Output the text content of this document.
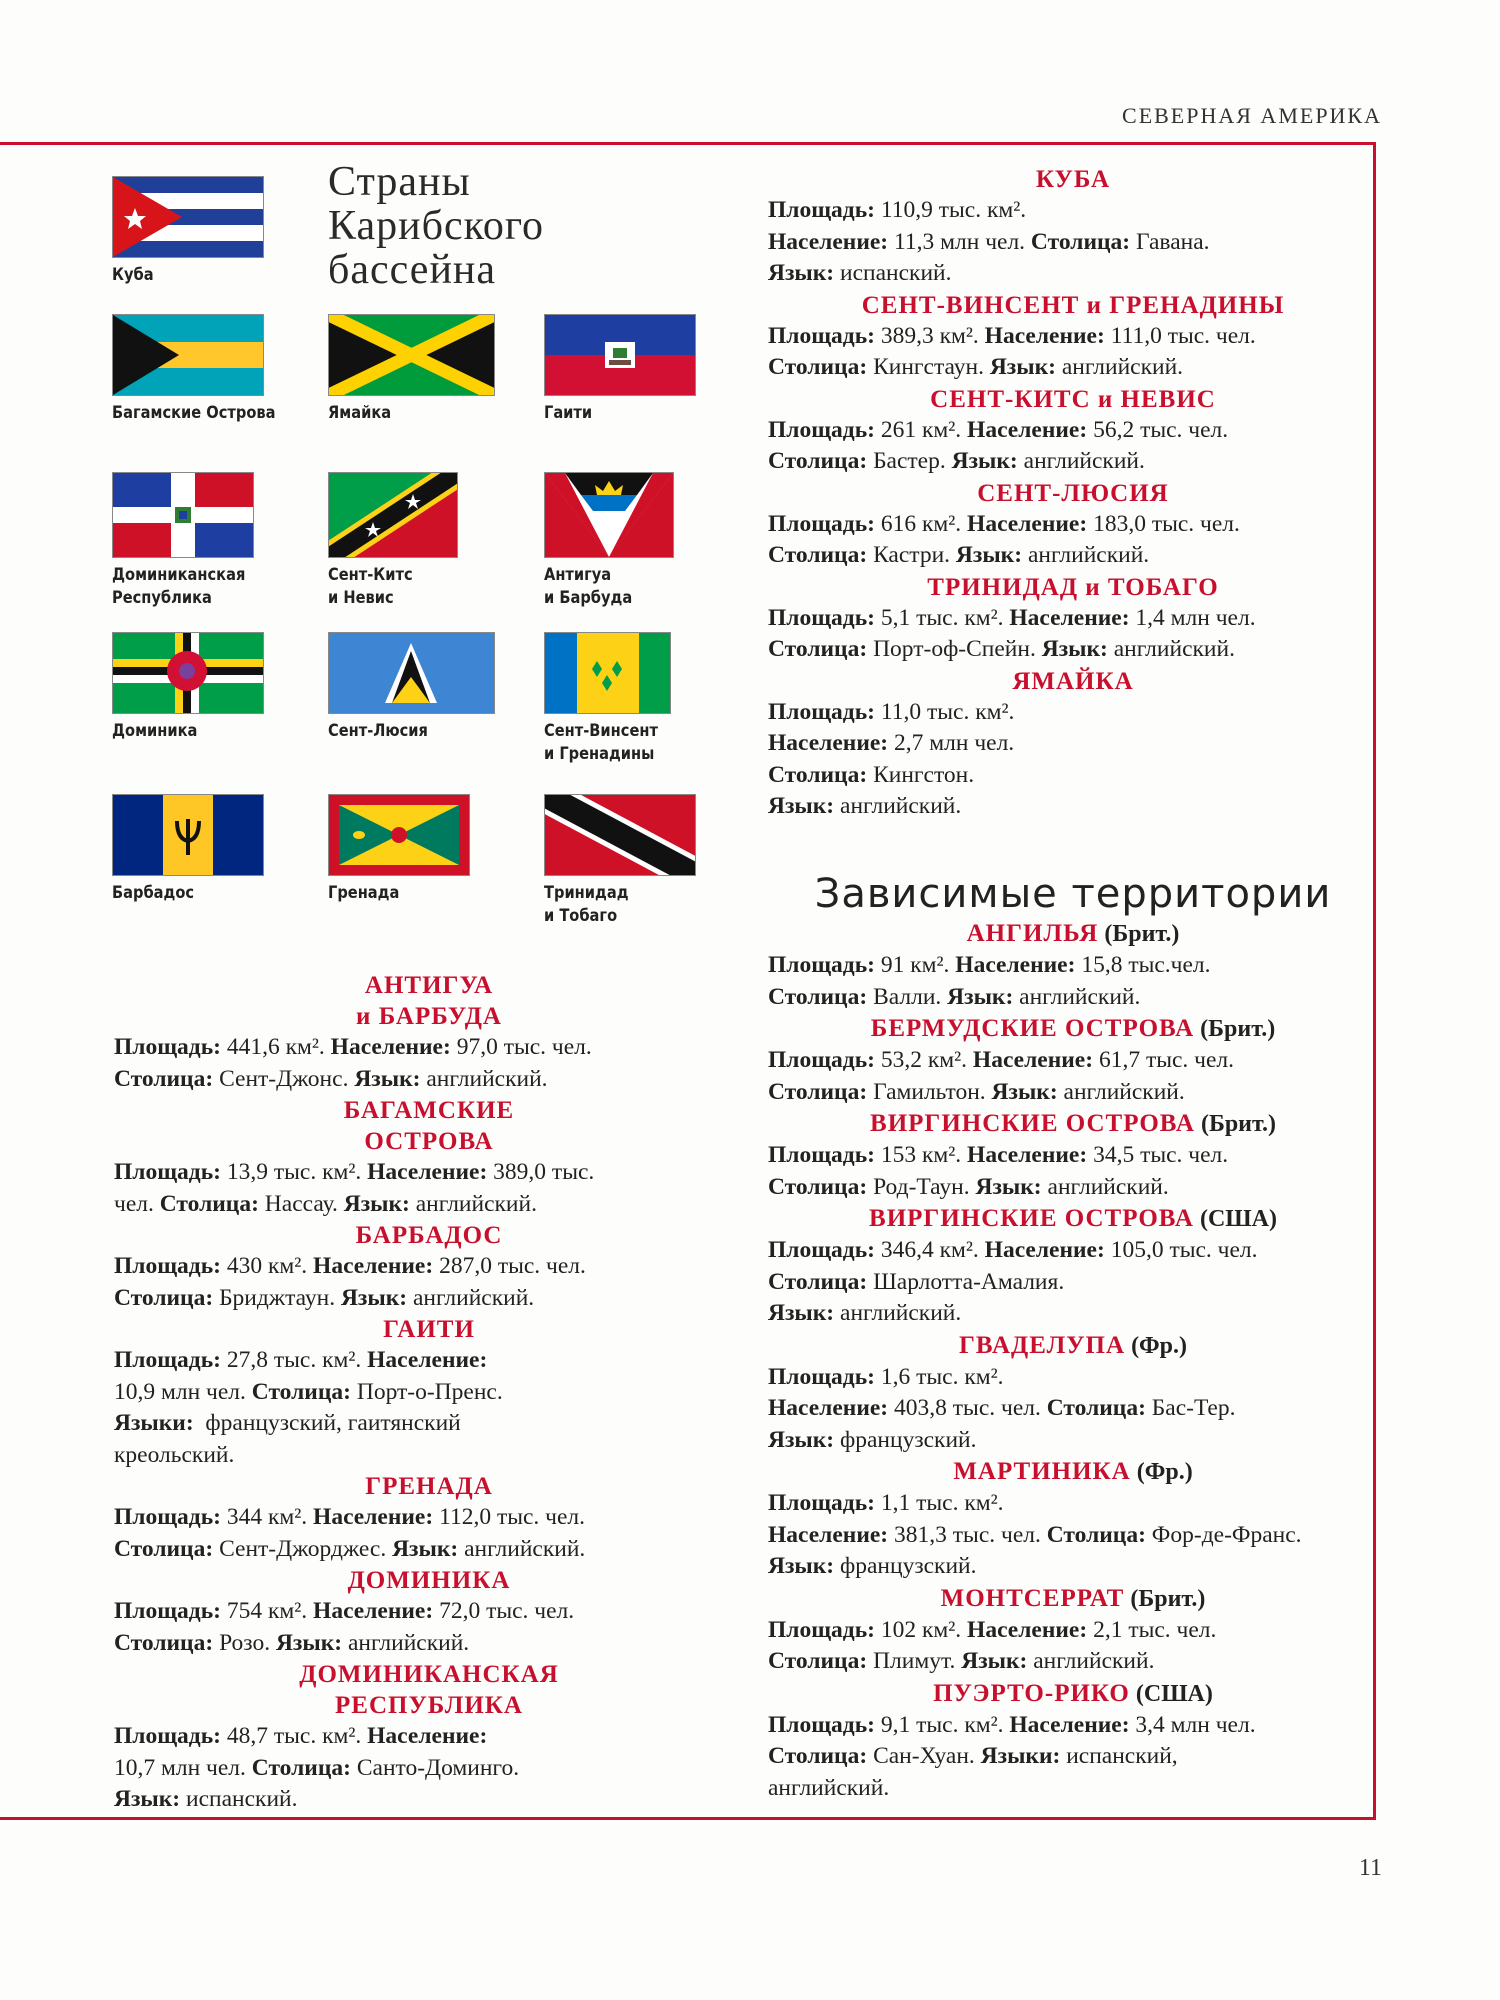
СЕВЕРНАЯ АМЕРИКА
Страны
Карибского
бассейна
Куба
Багамские Острова	Ямайка	Гаити
Доминиканская
Республика
Сент-Китс
и Невис
Антигуа
и Барбуда
Доминика	Сент-Люсия	Сент-Винсент
и Гренадины
Барбадос	Гренада	Тринидад
и Тобаго
АНТИГУА
и БАРБУДА
Площадь: 441,6 км². Население: 97,0 тыс. чел.
Столица: Сент-Джонс. Язык: английский.
БАГАМСКИЕ
ОСТРОВА
Площадь: 13,9 тыс. км². Население: 389,0 тыс.
чел. Столица: Нассау. Язык: английский.
БАРБАДОС
Площадь: 430 км². Население: 287,0 тыс. чел.
Столица: Бриджтаун. Язык: английский.
ГАИТИ
Площадь: 27,8 тыс. км². Население:
10,9 млн чел. Столица: Порт-о-Пренс.
Языки:  французский, гаитянский
креольский.
ГРЕНАДА
Площадь: 344 км². Население: 112,0 тыс. чел.
Столица: Сент-Джорджес. Язык: английский.
ДОМИНИКА
Площадь: 754 км². Население: 72,0 тыс. чел.
Столица: Розо. Язык: английский.
ДОМИНИКАНСКАЯ
РЕСПУБЛИКА
Площадь: 48,7 тыс. км². Население:
10,7 млн чел. Столица: Санто-Доминго.
Язык: испанский.
КУБА
Площадь: 110,9 тыс. км².
Население: 11,3 млн чел. Столица: Гавана.
Язык: испанский.
СЕНТ-ВИНСЕНТ и ГРЕНАДИНЫ
Площадь: 389,3 км². Население: 111,0 тыс. чел.
Столица: Кингстаун. Язык: английский.
СЕНТ-КИТС и НЕВИС
Площадь: 261 км². Население: 56,2 тыс. чел.
Столица: Бастер. Язык: английский.
СЕНТ-ЛЮСИЯ
Площадь: 616 км². Население: 183,0 тыс. чел.
Столица: Кастри. Язык: английский.
ТРИНИДАД и ТОБАГО
Площадь: 5,1 тыс. км². Население: 1,4 млн чел.
Столица: Порт-оф-Спейн. Язык: английский.
ЯМАЙКА
Площадь: 11,0 тыс. км².
Население: 2,7 млн чел.
Столица: Кингстон.
Язык: английский.
Зависимые территории
АНГИЛЬЯ (Брит.)
Площадь: 91 км². Население: 15,8 тыс.чел.
Столица: Валли. Язык: английский.
БЕРМУДСКИЕ ОСТРОВА (Брит.)
Площадь: 53,2 км². Население: 61,7 тыс. чел.
Столица: Гамильтон. Язык: английский.
ВИРГИНСКИЕ ОСТРОВА (Брит.)
Площадь: 153 км². Население: 34,5 тыс. чел.
Столица: Род-Таун. Язык: английский.
ВИРГИНСКИЕ ОСТРОВА (США)
Площадь: 346,4 км². Население: 105,0 тыс. чел.
Столица: Шарлотта-Амалия.
Язык: английский.
ГВАДЕЛУПА (Фр.)
Площадь: 1,6 тыс. км².
Население: 403,8 тыс. чел. Столица: Бас-Тер.
Язык: французский.
МАРТИНИКА (Фр.)
Площадь: 1,1 тыс. км².
Население: 381,3 тыс. чел. Столица: Фор-де-Франс.
Язык: французский.
МОНТСЕРРАТ (Брит.)
Площадь: 102 км². Население: 2,1 тыс. чел.
Столица: Плимут. Язык: английский.
ПУЭРТО-РИКО (США)
Площадь: 9,1 тыс. км². Население: 3,4 млн чел.
Столица: Сан-Хуан. Языки: испанский,
английский.
11
